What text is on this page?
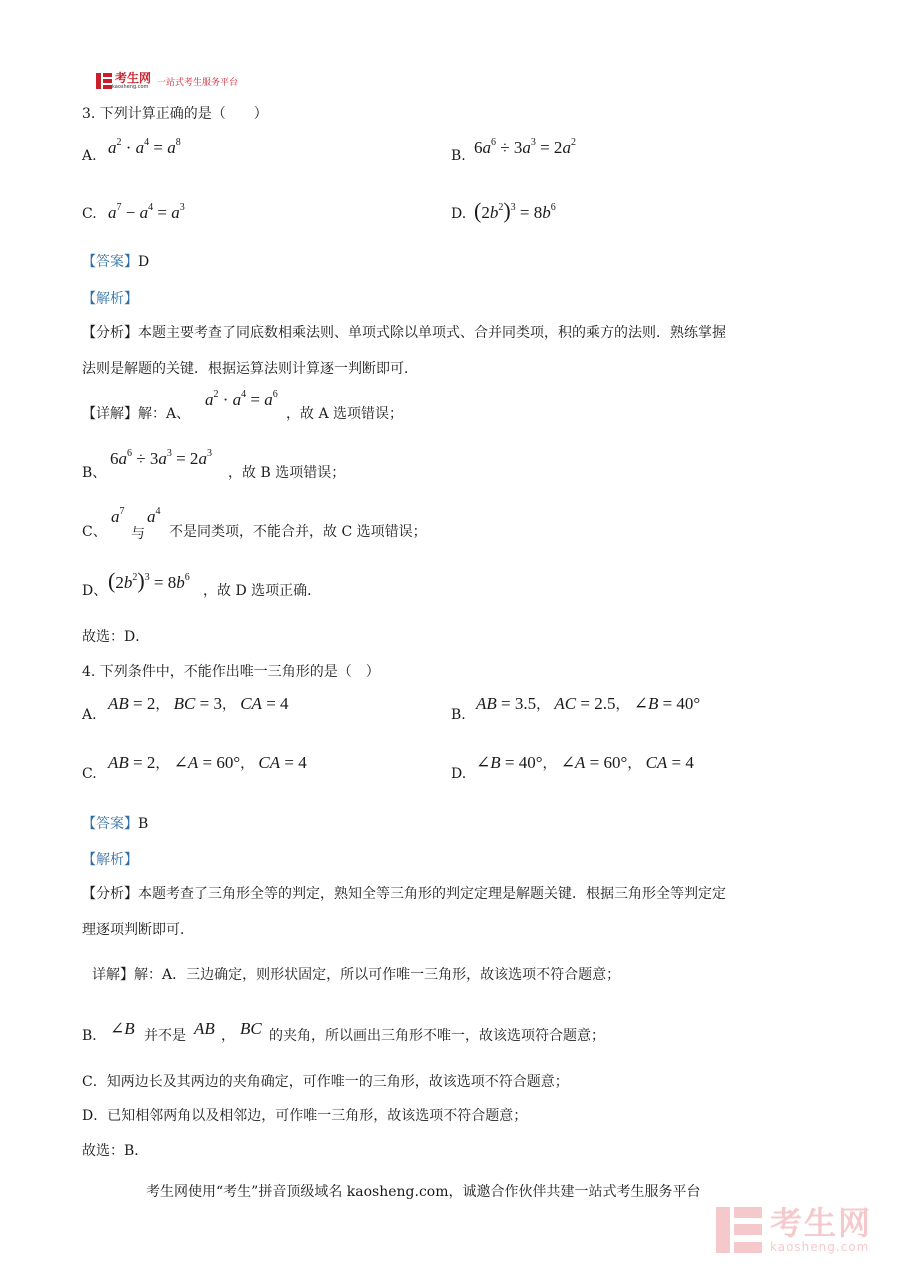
考生网
kaosheng.com 一站式考生服务平台
3. 下列计算正确的是（　　）
A. $a^2 \cdot a^4 = a^8$
B. $6a^6 \div 3a^3 = 2a^2$
C. $a^7 - a^4 = a^3$	D. $(2b^2)^3 = 8b^6$
【答案】D
【解析】
【分析】本题主要考查了同底数相乘法则、单项式除以单项式、合并同类项，积的乘方的法则．熟练掌握
法则是解题的关键．根据运算法则计算逐一判断即可．
【详解】解：A、
$a^2 \cdot a^4 = a^6$
，故 A 选项错误；
B、
$6a^6 \div 3a^3 = 2a^3$
，故 B 选项错误；
C、
$a^7$
与
$a^4$
不是同类项，不能合并，故 C 选项错误；
D、 $(2b^2)^3 = 8b^6$
，故 D 选项正确．
故选：D．
4. 下列条件中，不能作出唯一三角形的是（　）
A.
AB = 2， BC = 3， CA = 4
B.
AB = 3.5， AC = 2.5， ∠B = 40°
C.
AB = 2， ∠A = 60°， CA = 4
D.
∠B = 40°， ∠A = 60°， CA = 4
【答案】B
【解析】
【分析】本题考查了三角形全等的判定，熟知全等三角形的判定定理是解题关键．根据三角形全等判定定
理逐项判断即可．
详解】解：A．三边确定，则形状固定，所以可作唯一三角形，故该选项不符合题意；
B． ∠B 并不是 AB ， BC 的夹角，所以画出三角形不唯一，故该选项符合题意；
C．知两边长及其两边的夹角确定，可作唯一的三角形，故该选项不符合题意；
D．已知相邻两角以及相邻边，可作唯一三角形，故该选项不符合题意；
故选：B．
考生网使用“考生”拼音顶级域名 kaosheng.com，诚邀合作伙伴共建一站式考生服务平台
考生网
kaosheng.com
